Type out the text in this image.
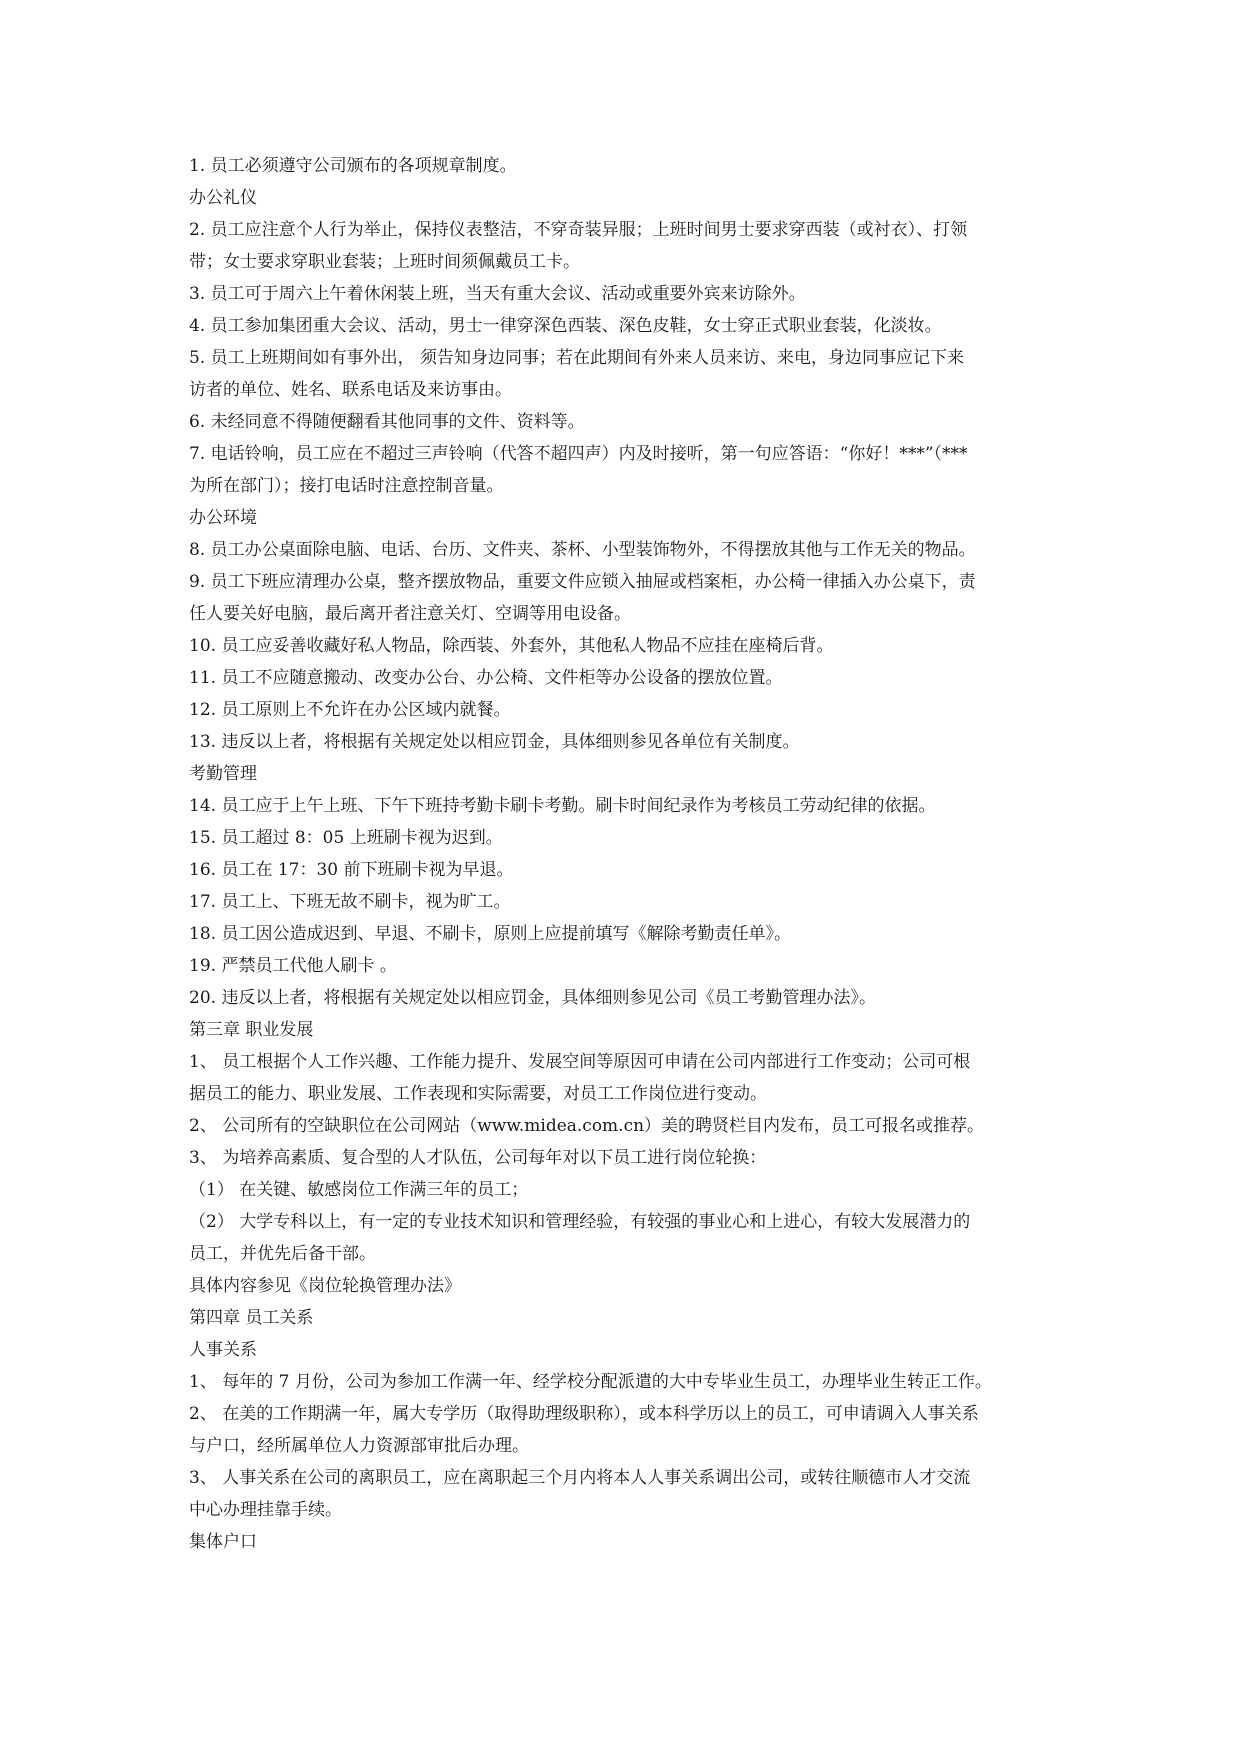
1. 员工必须遵守公司颁布的各项规章制度。
办公礼仪
2. 员工应注意个人行为举止，保持仪表整洁，不穿奇装异服；上班时间男士要求穿西装（或衬衣）、打领
带；女士要求穿职业套装；上班时间须佩戴员工卡。
3. 员工可于周六上午着休闲装上班，当天有重大会议、活动或重要外宾来访除外。
4. 员工参加集团重大会议、活动，男士一律穿深色西装、深色皮鞋，女士穿正式职业套装，化淡妆。
5. 员工上班期间如有事外出， 须告知身边同事；若在此期间有外来人员来访、来电，身边同事应记下来
访者的单位、姓名、联系电话及来访事由。
6. 未经同意不得随便翻看其他同事的文件、资料等。
7. 电话铃响，员工应在不超过三声铃响（代答不超四声）内及时接听，第一句应答语：“你好！***”（***
为所在部门）；接打电话时注意控制音量。
办公环境
8. 员工办公桌面除电脑、电话、台历、文件夹、茶杯、小型装饰物外，不得摆放其他与工作无关的物品。
9. 员工下班应清理办公桌，整齐摆放物品，重要文件应锁入抽屉或档案柜，办公椅一律插入办公桌下，责
任人要关好电脑，最后离开者注意关灯、空调等用电设备。
10. 员工应妥善收藏好私人物品，除西装、外套外，其他私人物品不应挂在座椅后背。
11. 员工不应随意搬动、改变办公台、办公椅、文件柜等办公设备的摆放位置。
12. 员工原则上不允许在办公区域内就餐。
13. 违反以上者，将根据有关规定处以相应罚金，具体细则参见各单位有关制度。
考勤管理
14. 员工应于上午上班、下午下班持考勤卡刷卡考勤。刷卡时间纪录作为考核员工劳动纪律的依据。
15. 员工超过 8：05 上班刷卡视为迟到。
16. 员工在 17：30 前下班刷卡视为早退。
17. 员工上、下班无故不刷卡，视为旷工。
18. 员工因公造成迟到、早退、不刷卡，原则上应提前填写《解除考勤责任单》。
19. 严禁员工代他人刷卡 。
20. 违反以上者，将根据有关规定处以相应罚金，具体细则参见公司《员工考勤管理办法》。
第三章 职业发展
1、 员工根据个人工作兴趣、工作能力提升、发展空间等原因可申请在公司内部进行工作变动；公司可根
据员工的能力、职业发展、工作表现和实际需要，对员工工作岗位进行变动。
2、 公司所有的空缺职位在公司网站（www.midea.com.cn）美的聘贤栏目内发布，员工可报名或推荐。
3、 为培养高素质、复合型的人才队伍，公司每年对以下员工进行岗位轮换：
（1） 在关键、敏感岗位工作满三年的员工；
（2） 大学专科以上，有一定的专业技术知识和管理经验，有较强的事业心和上进心，有较大发展潜力的
员工，并优先后备干部。
具体内容参见《岗位轮换管理办法》
第四章 员工关系
人事关系
1、 每年的 7 月份，公司为参加工作满一年、经学校分配派遣的大中专毕业生员工，办理毕业生转正工作。
2、 在美的工作期满一年，属大专学历（取得助理级职称），或本科学历以上的员工，可申请调入人事关系
与户口，经所属单位人力资源部审批后办理。
3、 人事关系在公司的离职员工，应在离职起三个月内将本人人事关系调出公司，或转往顺德市人才交流
中心办理挂靠手续。
集体户口
